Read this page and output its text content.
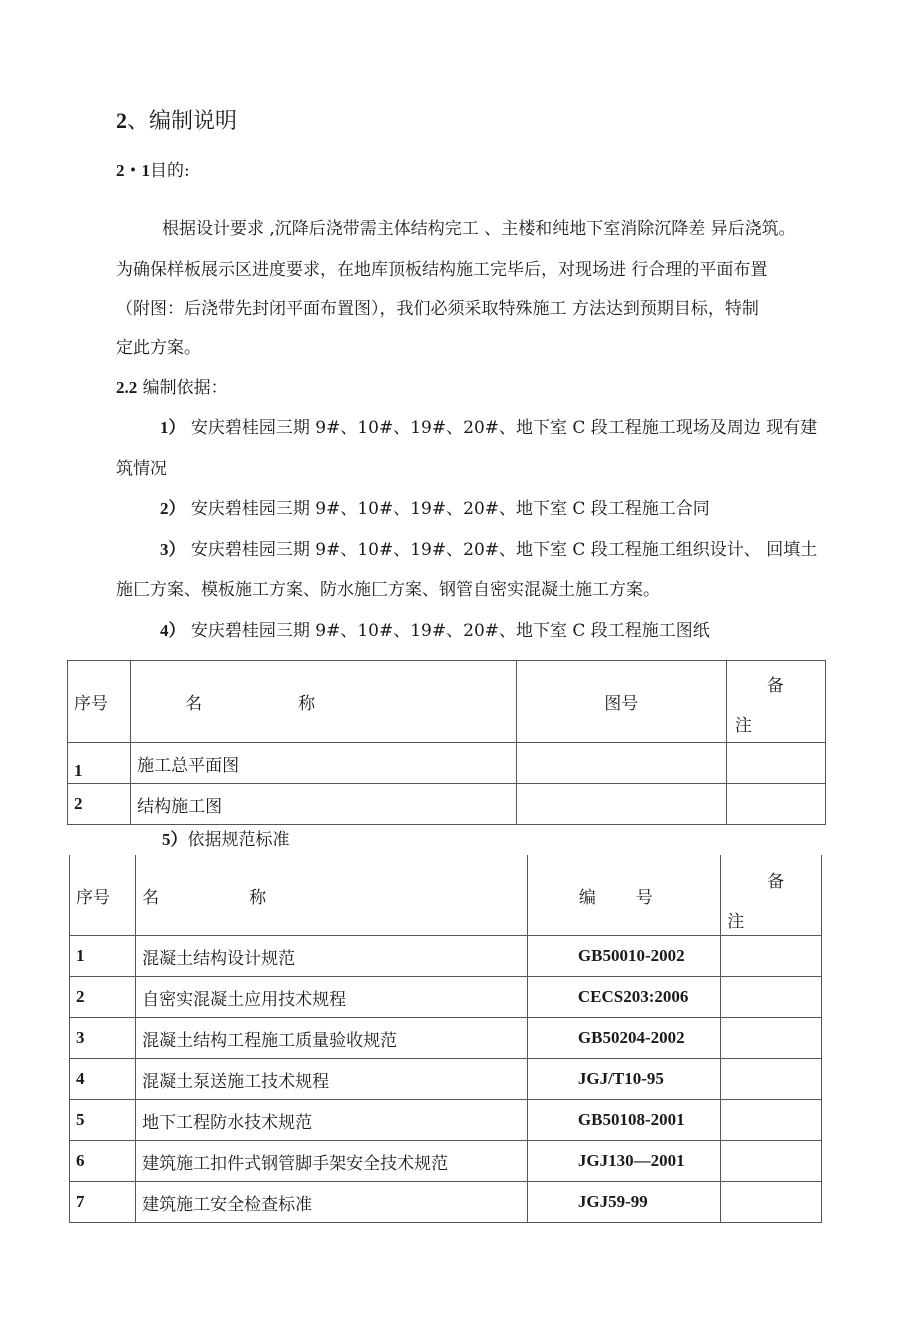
2、编制说明
2・1目的:
根据设计要求 ,沉降后浇带需主体结构完工 、主楼和纯地下室消除沉降差 异后浇筑。
为确保样板展示区进度要求，在地库顶板结构施工完毕后，对现场进 行合理的平面布置
（附图：后浇带先封闭平面布置图），我们必须采取特殊施工 方法达到预期目标，特制
定此方案。
2.2 编制依据：
1） 安庆碧桂园三期 9#、10#、19#、20#、地下室 C 段工程施工现场及周边 现有建
筑情况
2） 安庆碧桂园三期 9#、10#、19#、20#、地下室 C 段工程施工合同
3） 安庆碧桂园三期 9#、10#、19#、20#、地下室 C 段工程施工组织设计、 回填土
施匚方案、模板施工方案、防水施匚方案、钢管自密实混凝土施工方案。
4） 安庆碧桂园三期 9#、10#、19#、20#、地下室 C 段工程施工图纸
序号	名 称	图号	备
注

1	施工总平面图		
2	结构施工图		
5）依据规范标准
序号	名 称	编 号	备
注

1	混凝土结构设计规范	GB50010-2002	
2	自密实混凝土应用技术规程	CECS203:2006	
3	混凝土结构工程施工质量验收规范	GB50204-2002	
4	混凝土泵送施工技术规程	JGJ/T10-95	
5	地下工程防水技术规范	GB50108-2001	
6	建筑施工扣件式钢管脚手架安全技术规范	JGJ130—2001	
7	建筑施工安全检查标准	JGJ59-99	
